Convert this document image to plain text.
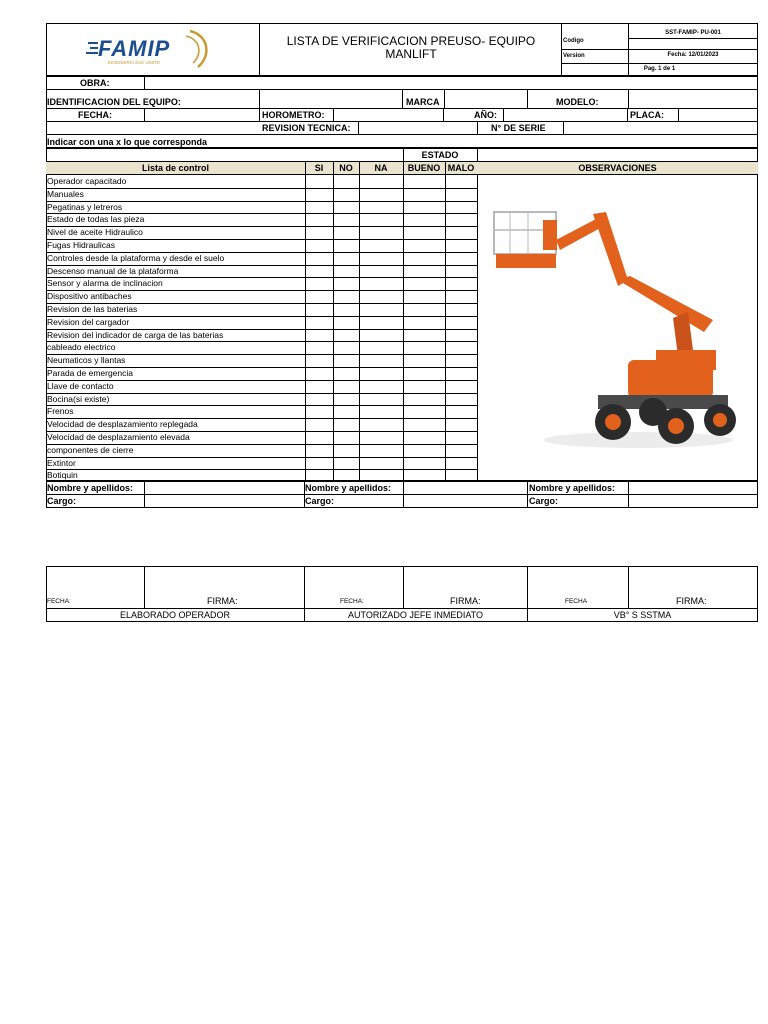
FAMIP
INGENIERIA SAC LIMITE
LISTA DE VERIFICACION PREUSO- EQUIPO MANLIFT
Codigo
Version
SST-FAMIP- PU-001
Fecha: 12/01/2023
Pag. 1 de 1
OBRA:
IDENTIFICACION DEL EQUIPO:	MARCA	MODELO:
FECHA:	HOROMETRO:	AÑO:	PLACA:
REVISION TECNICA:	N° DE SERIE
Indicar con una x lo que corresponda
ESTADO
Lista de control	SI	NO	NA	BUENO MALO	OBSERVACIONES
Operador capacitado
Manuales
Pegatinas y letreros
Estado de todas las pieza
Nivel de aceite Hidraulico
Fugas Hidraulicas
Controles desde la plataforma y desde el suelo
Descenso manual de la plataforma
Sensor y alarma de inclinacion
Dispositivo antibaches
Revision de las baterias
Revision del cargador
Revision del indicador de carga de las baterias
cableado electrico
Neumaticos y llantas
Parada de emergencia
Llave de contacto
Bocina(si existe)
Frenos
Velocidad de desplazamiento replegada
Velocidad de desplazamiento elevada
componentes de cierre
Extintor
Botiquin
Nombre y apellidos:	Nombre y apellidos:	Nombre y apellidos:
Cargo:	Cargo:	Cargo:
FECHA:	FIRMA:	FECHA:	FIRMA:	FECHA	FIRMA:
ELABORADO OPERADOR	AUTORIZADO JEFE INMEDIATO	VB° S SSTMA
